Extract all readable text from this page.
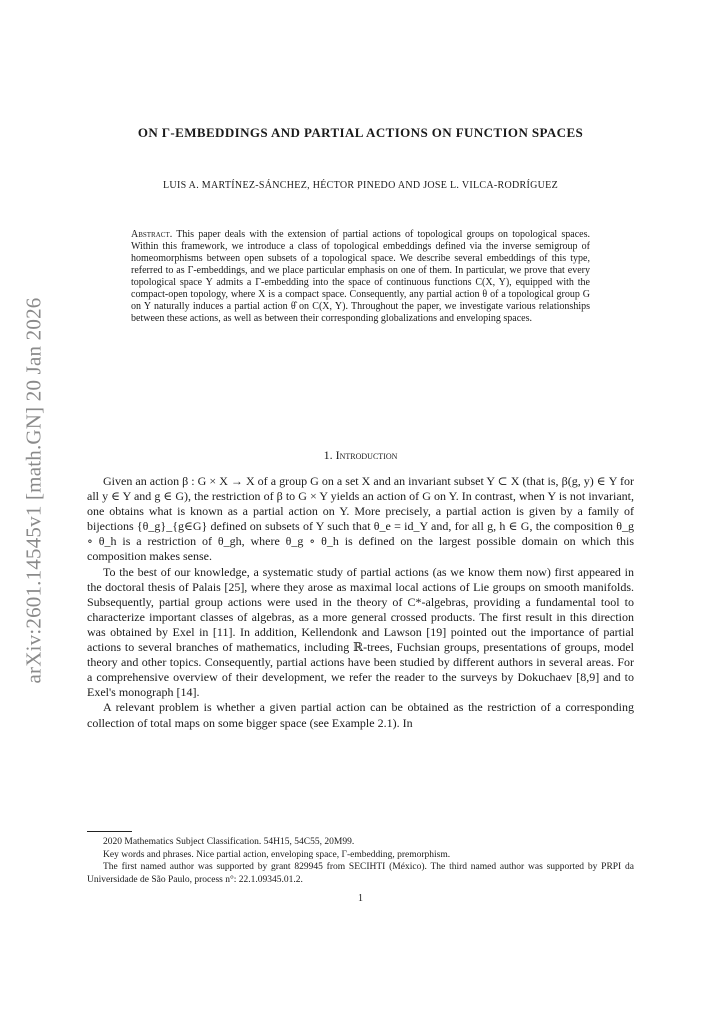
arXiv:2601.14545v1 [math.GN] 20 Jan 2026
ON Γ-EMBEDDINGS AND PARTIAL ACTIONS ON FUNCTION SPACES
LUIS A. MARTÍNEZ-SÁNCHEZ, HÉCTOR PINEDO AND JOSE L. VILCA-RODRÍGUEZ
Abstract. This paper deals with the extension of partial actions of topological groups on topological spaces. Within this framework, we introduce a class of topological embeddings defined via the inverse semigroup of homeomorphisms between open subsets of a topological space. We describe several embeddings of this type, referred to as Γ-embeddings, and we place particular emphasis on one of them. In particular, we prove that every topological space Y admits a Γ-embedding into the space of continuous functions C(X, Y), equipped with the compact-open topology, where X is a compact space. Consequently, any partial action θ of a topological group G on Y naturally induces a partial action θ̂ on C(X, Y). Throughout the paper, we investigate various relationships between these actions, as well as between their corresponding globalizations and enveloping spaces.
1. Introduction

Given an action β : G × X → X of a group G on a set X and an invariant subset Y ⊂ X (that is, β(g, y) ∈ Y for all y ∈ Y and g ∈ G), the restriction of β to G × Y yields an action of G on Y. In contrast, when Y is not invariant, one obtains what is known as a partial action on Y. More precisely, a partial action is given by a family of bijections {θ_g}_{g∈G} defined on subsets of Y such that θ_e = id_Y and, for all g, h ∈ G, the composition θ_g ∘ θ_h is a restriction of θ_gh, where θ_g ∘ θ_h is defined on the largest possible domain on which this composition makes sense.

To the best of our knowledge, a systematic study of partial actions (as we know them now) first appeared in the doctoral thesis of Palais [25], where they arose as maximal local actions of Lie groups on smooth manifolds. Subsequently, partial group actions were used in the theory of C*-algebras, providing a fundamental tool to characterize important classes of algebras, as a more general crossed products. The first result in this direction was obtained by Exel in [11]. In addition, Kellendonk and Lawson [19] pointed out the importance of partial actions to several branches of mathematics, including ℝ-trees, Fuchsian groups, presentations of groups, model theory and other topics. Consequently, partial actions have been studied by different authors in several areas. For a comprehensive overview of their development, we refer the reader to the surveys by Dokuchaev [8,9] and to Exel's monograph [14].

A relevant problem is whether a given partial action can be obtained as the restriction of a corresponding collection of total maps on some bigger space (see Example 2.1). In

2020 Mathematics Subject Classification. 54H15, 54C55, 20M99.

Key words and phrases. Nice partial action, enveloping space, Γ-embedding, premorphism.

The first named author was supported by grant 829945 from SECIHTI (México). The third named author was supported by PRPI da Universidade de São Paulo, process n°: 22.1.09345.01.2.

1
